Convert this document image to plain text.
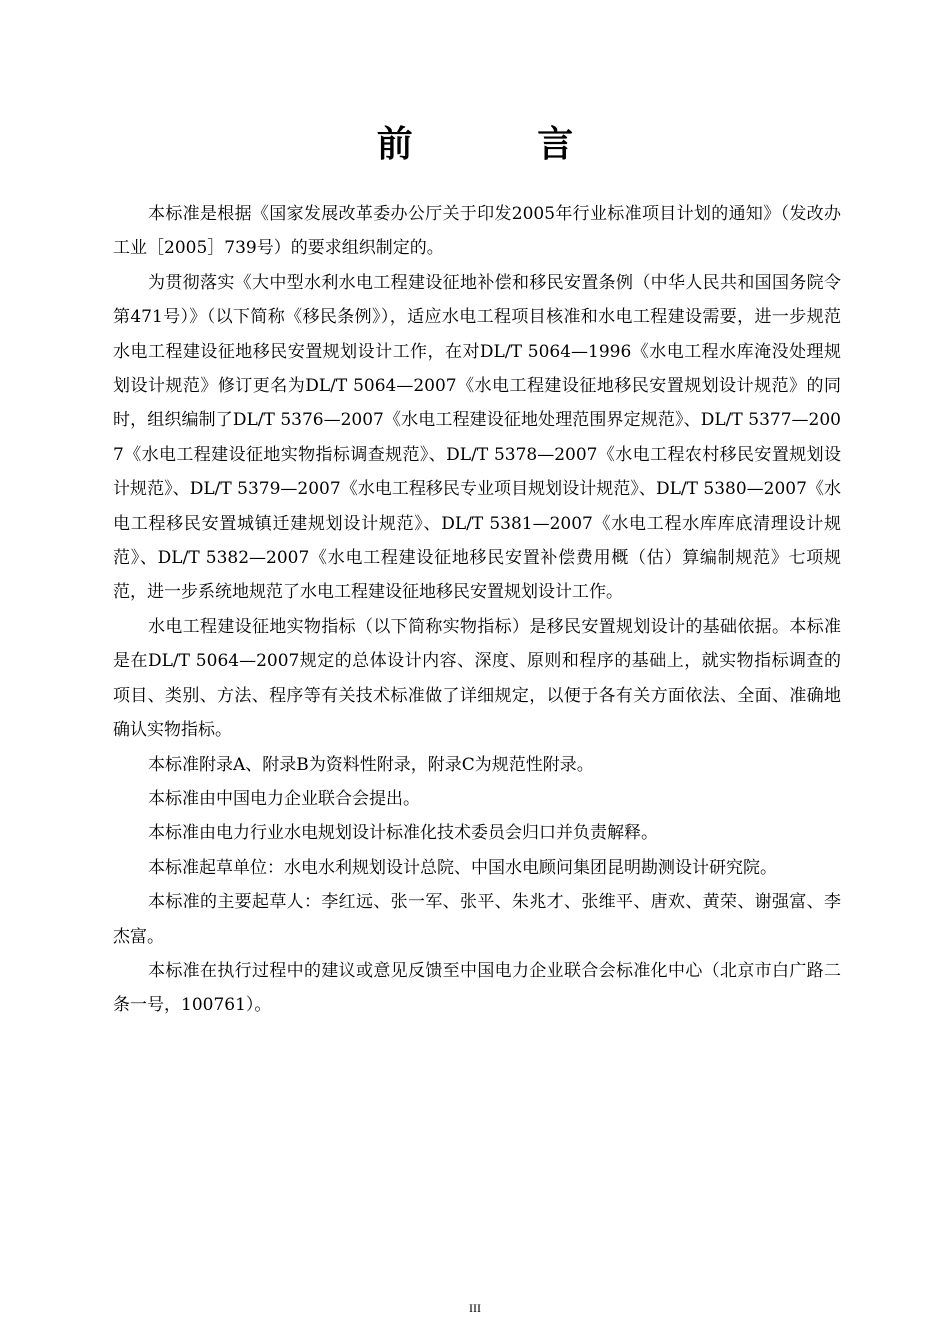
前 言

本标准是根据《国家发展改革委办公厅关于印发2005年行业标准项目计划的通知》（发改办工业［2005］739号）的要求组织制定的。

为贯彻落实《大中型水利水电工程建设征地补偿和移民安置条例（中华人民共和国国务院令第471号）》（以下简称《移民条例》），适应水电工程项目核准和水电工程建设需要，进一步规范水电工程建设征地移民安置规划设计工作，在对DL/T 5064—1996《水电工程水库淹没处理规划设计规范》修订更名为DL/T 5064—2007《水电工程建设征地移民安置规划设计规范》的同时，组织编制了DL/T 5376—2007《水电工程建设征地处理范围界定规范》、DL/T 5377—2007《水电工程建设征地实物指标调查规范》、DL/T 5378—2007《水电工程农村移民安置规划设计规范》、DL/T 5379—2007《水电工程移民专业项目规划设计规范》、DL/T 5380—2007《水电工程移民安置城镇迁建规划设计规范》、DL/T 5381—2007《水电工程水库库底清理设计规范》、DL/T 5382—2007《水电工程建设征地移民安置补偿费用概（估）算编制规范》七项规范，进一步系统地规范了水电工程建设征地移民安置规划设计工作。

水电工程建设征地实物指标（以下简称实物指标）是移民安置规划设计的基础依据。本标准是在DL/T 5064—2007规定的总体设计内容、深度、原则和程序的基础上，就实物指标调查的项目、类别、方法、程序等有关技术标准做了详细规定，以便于各有关方面依法、全面、准确地确认实物指标。

本标准附录A、附录B为资料性附录，附录C为规范性附录。

本标准由中国电力企业联合会提出。

本标准由电力行业水电规划设计标准化技术委员会归口并负责解释。

本标准起草单位：水电水利规划设计总院、中国水电顾问集团昆明勘测设计研究院。

本标准的主要起草人：李红远、张一军、张平、朱兆才、张维平、唐欢、黄荣、谢强富、李杰富。

本标准在执行过程中的建议或意见反馈至中国电力企业联合会标准化中心（北京市白广路二条一号，100761）。

III
